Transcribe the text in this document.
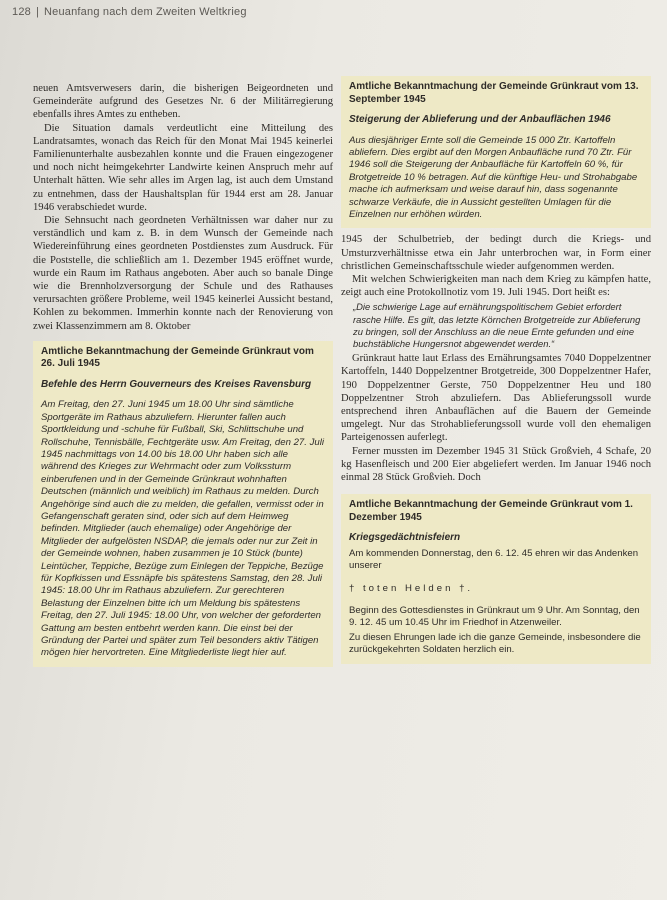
128 | Neuanfang nach dem Zweiten Weltkrieg

neuen Amtsverwesers darin, die bisherigen Beigeordneten und Gemeinderäte aufgrund des Gesetzes Nr. 6 der Militärregierung ebenfalls ihres Amtes zu entheben.

Die Situation damals verdeutlicht eine Mitteilung des Landratsamtes, wonach das Reich für den Monat Mai 1945 keinerlei Familienunterhalte ausbezahlen konnte und die Frauen eingezogener und noch nicht heimgekehrter Landwirte keinen Anspruch mehr auf Unterhalt hätten. Wie sehr alles im Argen lag, ist auch dem Umstand zu entnehmen, dass der Haushaltsplan für 1944 erst am 28. Januar 1946 verabschiedet wurde.

Die Sehnsucht nach geordneten Verhältnissen war daher nur zu verständlich und kam z. B. in dem Wunsch der Gemeinde nach Wiedereinführung eines geordneten Postdienstes zum Ausdruck. Für die Poststelle, die schließlich am 1. Dezember 1945 eröffnet wurde, wurde ein Raum im Rathaus angeboten. Aber auch so banale Dinge wie die Brennholzversorgung der Schule und des Rathauses verursachten größere Probleme, weil 1945 keinerlei Aussicht bestand, Kohlen zu bekommen. Immerhin konnte nach der Renovierung von zwei Klassenzimmern am 8. Oktober

Amtliche Bekanntmachung der Gemeinde Grünkraut vom 26. Juli 1945
Befehle des Herrn Gouverneurs des Kreises Ravensburg
Am Freitag, den 27. Juni 1945 um 18.00 Uhr sind sämtliche Sportgeräte im Rathaus abzuliefern. Hierunter fallen auch Sportkleidung und -schuhe für Fußball, Ski, Schlittschuhe und Rollschuhe, Tennisbälle, Fechtgeräte usw. Am Freitag, den 27. Juli 1945 nachmittags von 14.00 bis 18.00 Uhr haben sich alle während des Krieges zur Wehrmacht oder zum Volkssturm einberufenen und in der Gemeinde Grünkraut wohnhaften Deutschen (männlich und weiblich) im Rathaus zu melden. Durch Angehörige sind auch die zu melden, die gefallen, vermisst oder in Gefangenschaft geraten sind, oder sich auf dem Heimweg befinden. Mitglieder (auch ehemalige) oder Angehörige der Mitglieder der aufgelösten NSDAP, die jemals oder nur zur Zeit in der Gemeinde wohnen, haben zusammen je 10 Stück (bunte) Leintücher, Teppiche, Bezüge zum Einlegen der Teppiche, Bezüge für Kopfkissen und Essnäpfe bis spätestens Samstag, den 28. Juli 1945: 18.00 Uhr im Rathaus abzuliefern. Zur gerechteren Belastung der Einzelnen bitte ich um Meldung bis spätestens Freitag, den 27. Juli 1945: 18.00 Uhr, von welcher der geforderten Gattung am besten entbehrt werden kann. Die einst bei der Gründung der Partei und später zum Teil besonders aktiv Tätigen mögen hier hervortreten. Eine Mitgliederliste liegt hier auf.
Amtliche Bekanntmachung der Gemeinde Grünkraut vom 13. September 1945
Steigerung der Ablieferung und der Anbauflächen 1946
Aus diesjähriger Ernte soll die Gemeinde 15 000 Ztr. Kartoffeln abliefern. Dies ergibt auf den Morgen Anbaufläche rund 70 Ztr. Für 1946 soll die Steigerung der Anbaufläche für Kartoffeln 60 %, für Brotgetreide 10 % betragen. Auf die künftige Heu- und Strohabgabe mache ich aufmerksam und weise darauf hin, dass sogenannte schwarze Verkäufe, die in Aussicht gestellten Umlagen für die Einzelnen nur erhöhen würden.

1945 der Schulbetrieb, der bedingt durch die Kriegs- und Umsturzverhältnisse etwa ein Jahr unterbrochen war, in Form einer christlichen Gemeinschaftsschule wieder aufgenommen werden.

Mit welchen Schwierigkeiten man nach dem Krieg zu kämpfen hatte, zeigt auch eine Protokollnotiz vom 19. Juli 1945. Dort heißt es:

„Die schwierige Lage auf ernährungspolitischem Gebiet erfordert rasche Hilfe. Es gilt, das letzte Körnchen Brotgetreide zur Ablieferung zu bringen, soll der Anschluss an die neue Ernte gefunden und eine buchstäbliche Hungersnot abgewendet werden.“

Grünkraut hatte laut Erlass des Ernährungsamtes 7040 Doppelzentner Kartoffeln, 1440 Doppelzentner Brotgetreide, 300 Doppelzentner Hafer, 190 Doppelzentner Gerste, 750 Doppelzentner Heu und 180 Doppelzentner Stroh abzuliefern. Das Ablieferungssoll wurde entsprechend ihren Anbauflächen auf die Bauern der Gemeinde umgelegt. Nur das Strohablieferungssoll wurde voll den ehemaligen Parteigenossen auferlegt.

Ferner mussten im Dezember 1945 31 Stück Großvieh, 4 Schafe, 20 kg Hasenfleisch und 200 Eier abgeliefert werden. Im Januar 1946 noch einmal 28 Stück Großvieh. Doch

Amtliche Bekanntmachung der Gemeinde Grünkraut vom 1. Dezember 1945
Kriegsgedächtnisfeiern
Am kommenden Donnerstag, den 6. 12. 45 ehren wir das Andenken unserer
† toten Helden †.
Beginn des Gottesdienstes in Grünkraut um 9 Uhr. Am Sonntag, den 9. 12. 45 um 10.45 Uhr im Friedhof in Atzenweiler.
Zu diesen Ehrungen lade ich die ganze Gemeinde, insbesondere die zurückgekehrten Soldaten herzlich ein.
